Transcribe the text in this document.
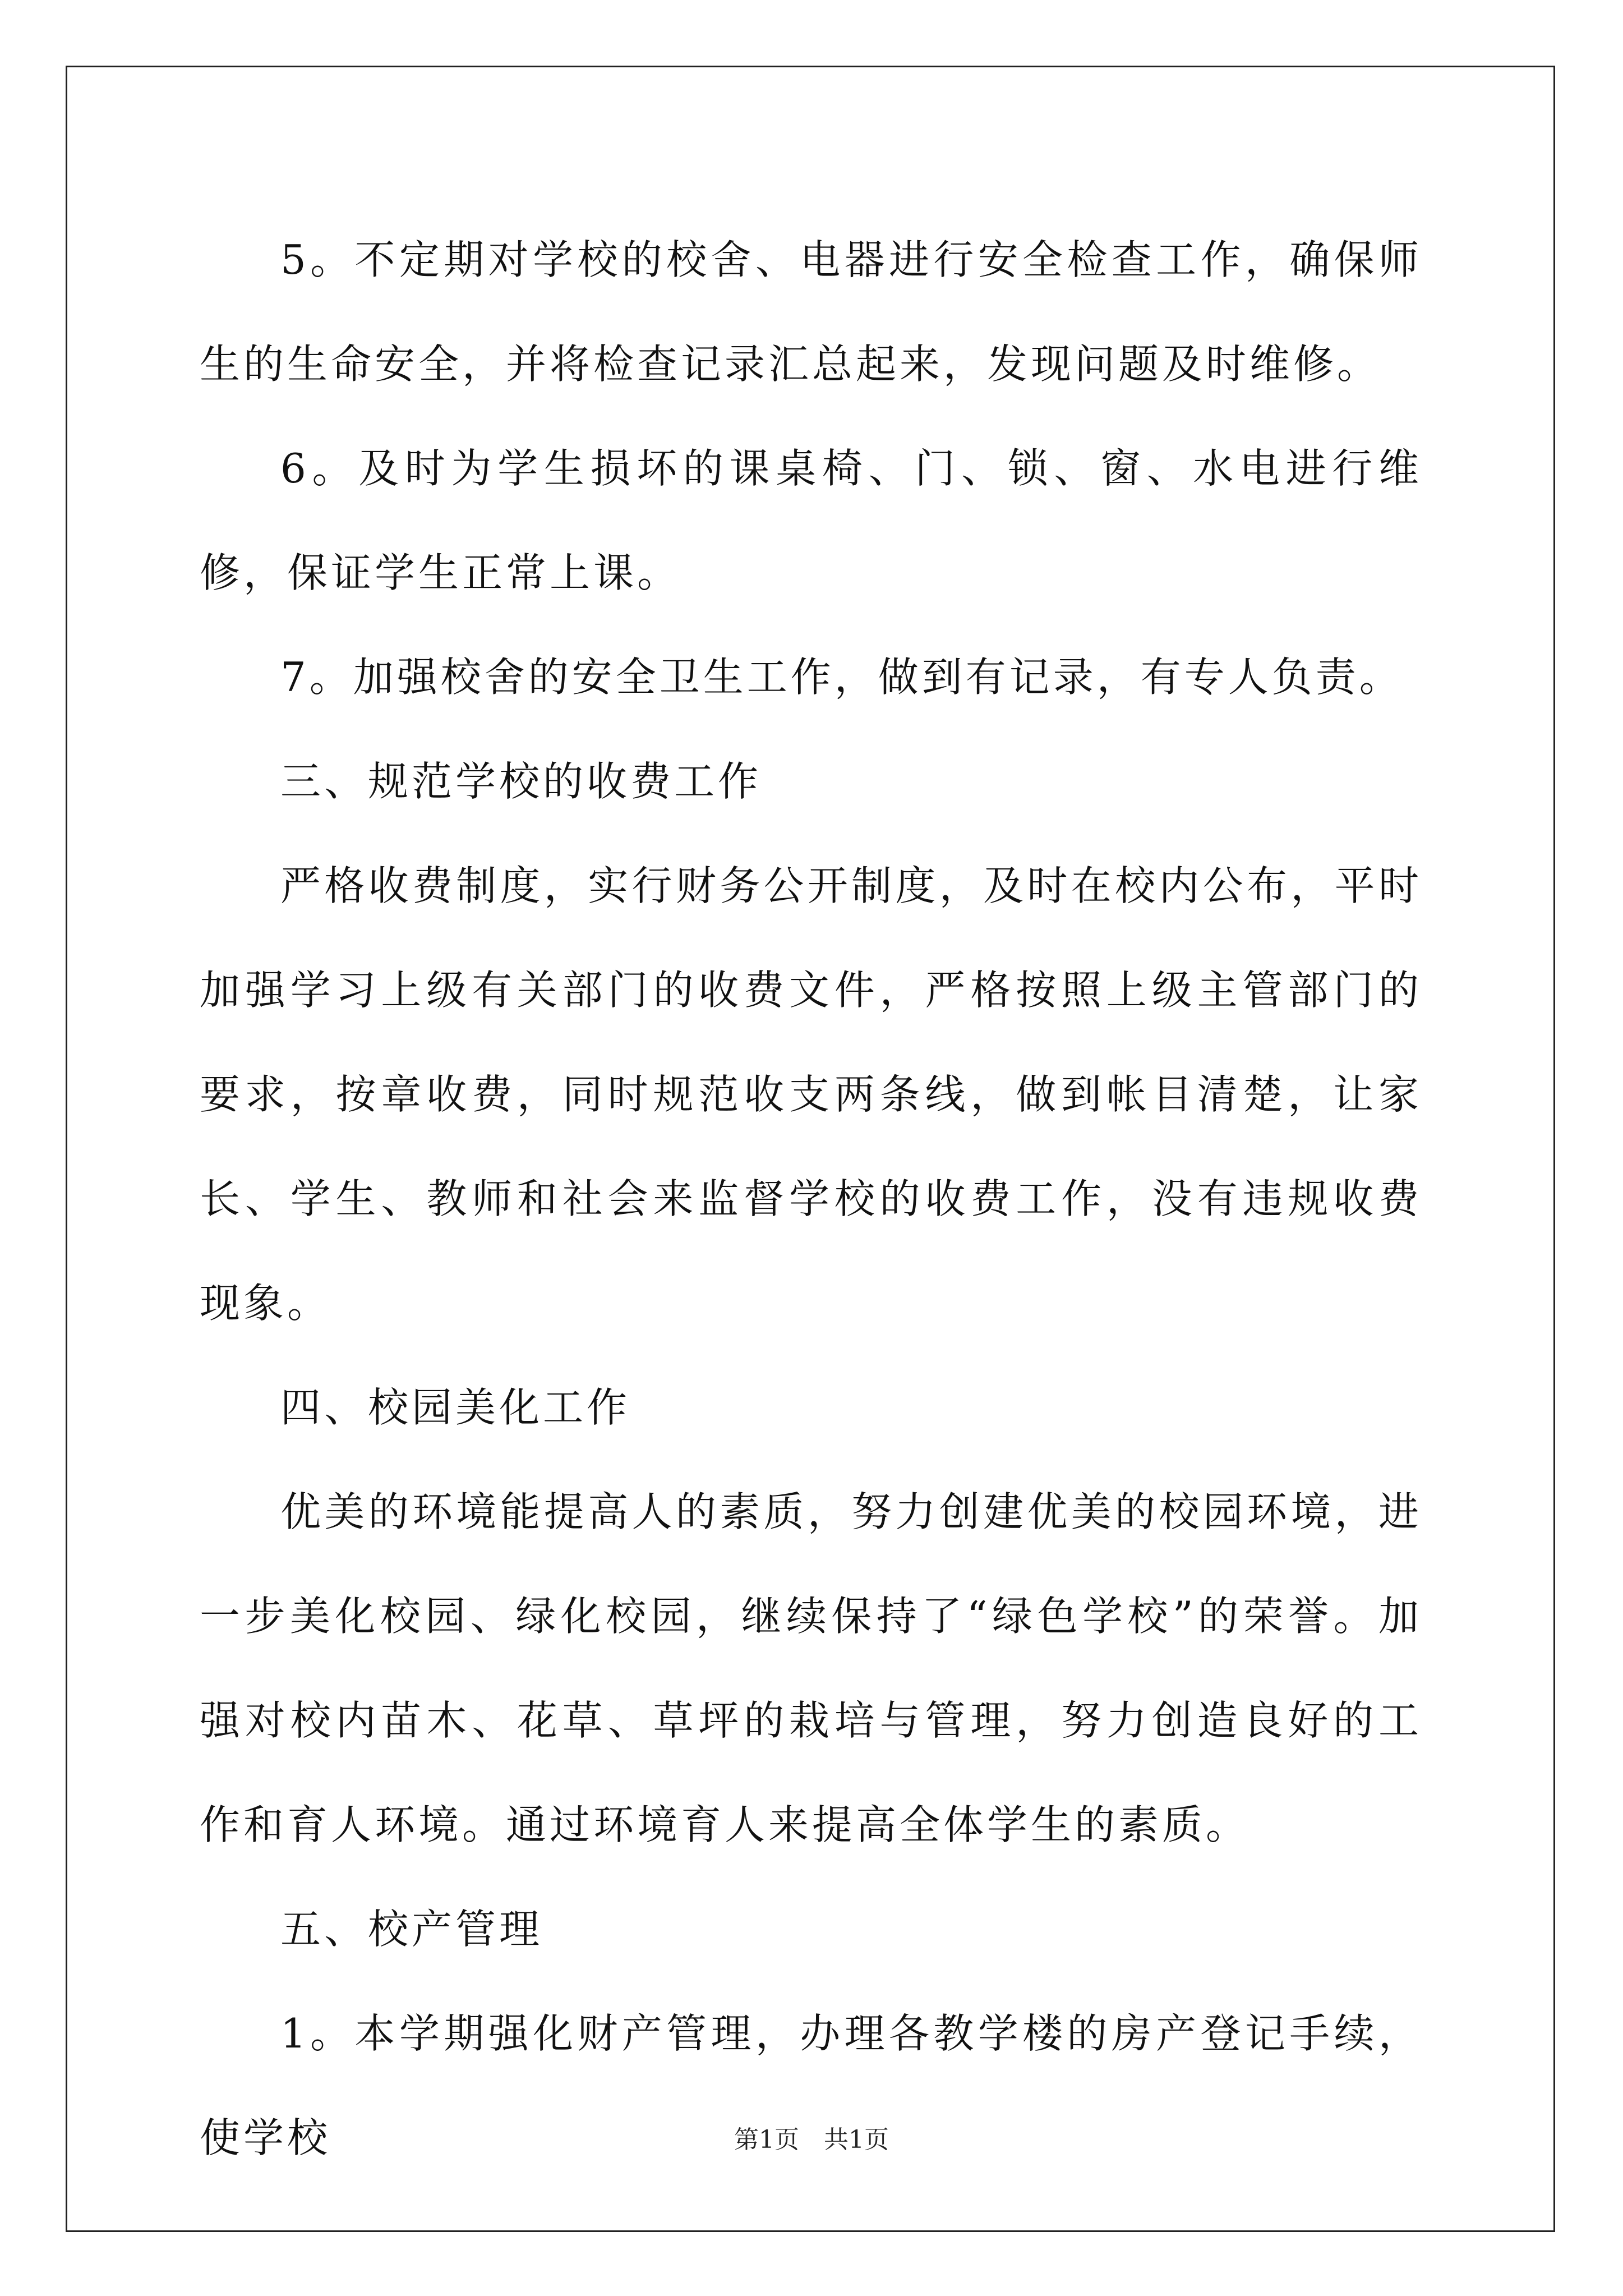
5。不定期对学校的校舍、电器进行安全检查工作，确保师生的生命安全，并将检查记录汇总起来，发现问题及时维修。

6。及时为学生损坏的课桌椅、门、锁、窗、水电进行维修，保证学生正常上课。

7。加强校舍的安全卫生工作，做到有记录，有专人负责。

三、规范学校的收费工作

严格收费制度，实行财务公开制度，及时在校内公布，平时加强学习上级有关部门的收费文件，严格按照上级主管部门的要求，按章收费，同时规范收支两条线，做到帐目清楚，让家长、学生、教师和社会来监督学校的收费工作，没有违规收费现象。

四、校园美化工作

优美的环境能提高人的素质，努力创建优美的校园环境，进一步美化校园、绿化校园，继续保持了“绿色学校”的荣誉。加强对校内苗木、花草、草坪的栽培与管理，努力创造良好的工作和育人环境。通过环境育人来提高全体学生的素质。

五、校产管理

1。本学期强化财产管理，办理各教学楼的房产登记手续，使学校	第1页 共1页
